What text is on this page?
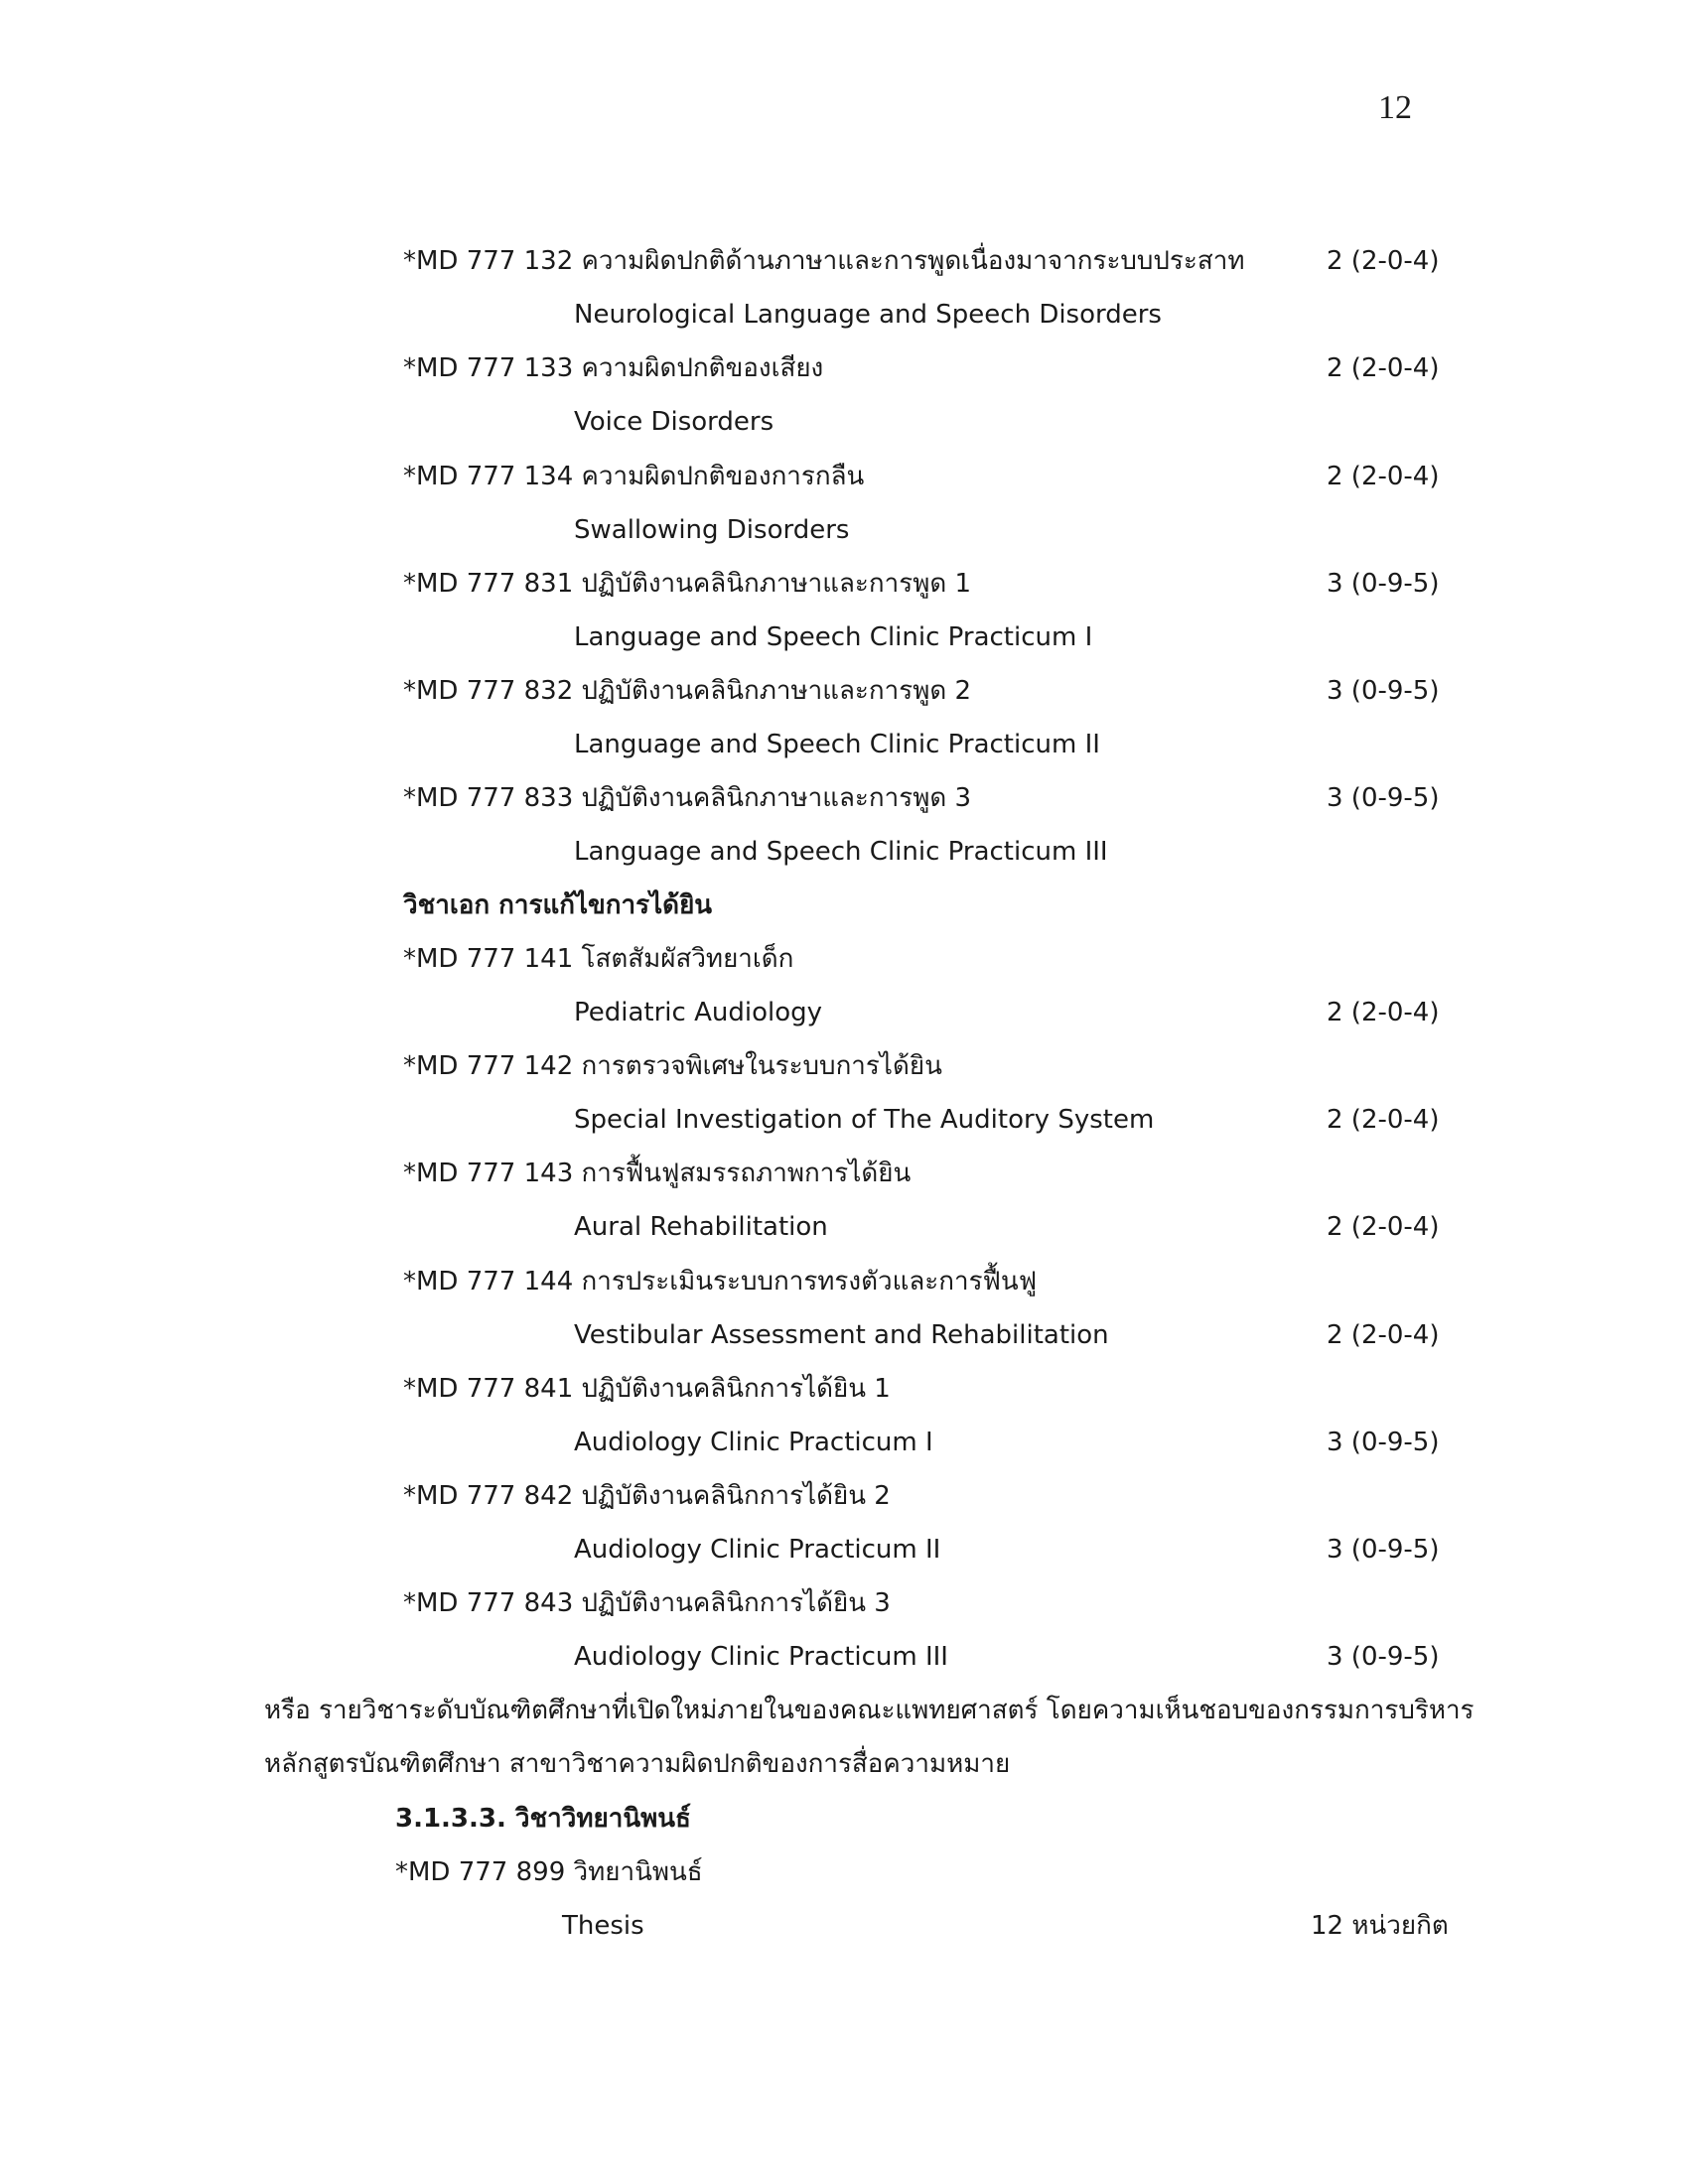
12
*MD 777 132 ความผิดปกติด้านภาษาและการพูดเนื่องมาจากระบบประสาท	2 (2-0-4)
Neurological Language and Speech Disorders
*MD 777 133 ความผิดปกติของเสียง	2 (2-0-4)
Voice Disorders
*MD 777 134 ความผิดปกติของการกลืน	2 (2-0-4)
Swallowing Disorders
*MD 777 831 ปฏิบัติงานคลินิกภาษาและการพูด 1	3 (0-9-5)
Language and Speech Clinic Practicum I
*MD 777 832 ปฏิบัติงานคลินิกภาษาและการพูด 2	3 (0-9-5)
Language and Speech Clinic Practicum II
*MD 777 833 ปฏิบัติงานคลินิกภาษาและการพูด 3	3 (0-9-5)
Language and Speech Clinic Practicum III
วิชาเอก การแก้ไขการได้ยิน
*MD 777 141 โสตสัมผัสวิทยาเด็ก
Pediatric Audiology	2 (2-0-4)
*MD 777 142 การตรวจพิเศษในระบบการได้ยิน
Special Investigation of The Auditory System	2 (2-0-4)
*MD 777 143 การฟื้นฟูสมรรถภาพการได้ยิน
Aural Rehabilitation	2 (2-0-4)
*MD 777 144 การประเมินระบบการทรงตัวและการฟื้นฟู
Vestibular Assessment and Rehabilitation	2 (2-0-4)
*MD 777 841 ปฏิบัติงานคลินิกการได้ยิน 1
Audiology Clinic Practicum I	3 (0-9-5)
*MD 777 842 ปฏิบัติงานคลินิกการได้ยิน 2
Audiology Clinic Practicum II	3 (0-9-5)
*MD 777 843 ปฏิบัติงานคลินิกการได้ยิน 3
Audiology Clinic Practicum III	3 (0-9-5)
หรือ รายวิชาระดับบัณฑิตศึกษาที่เปิดใหม่ภายในของคณะแพทยศาสตร์ โดยความเห็นชอบของกรรมการบริหาร
หลักสูตรบัณฑิตศึกษา สาขาวิชาความผิดปกติของการสื่อความหมาย
3.1.3.3. วิชาวิทยานิพนธ์
*MD 777 899 วิทยานิพนธ์
Thesis	12 หน่วยกิต
